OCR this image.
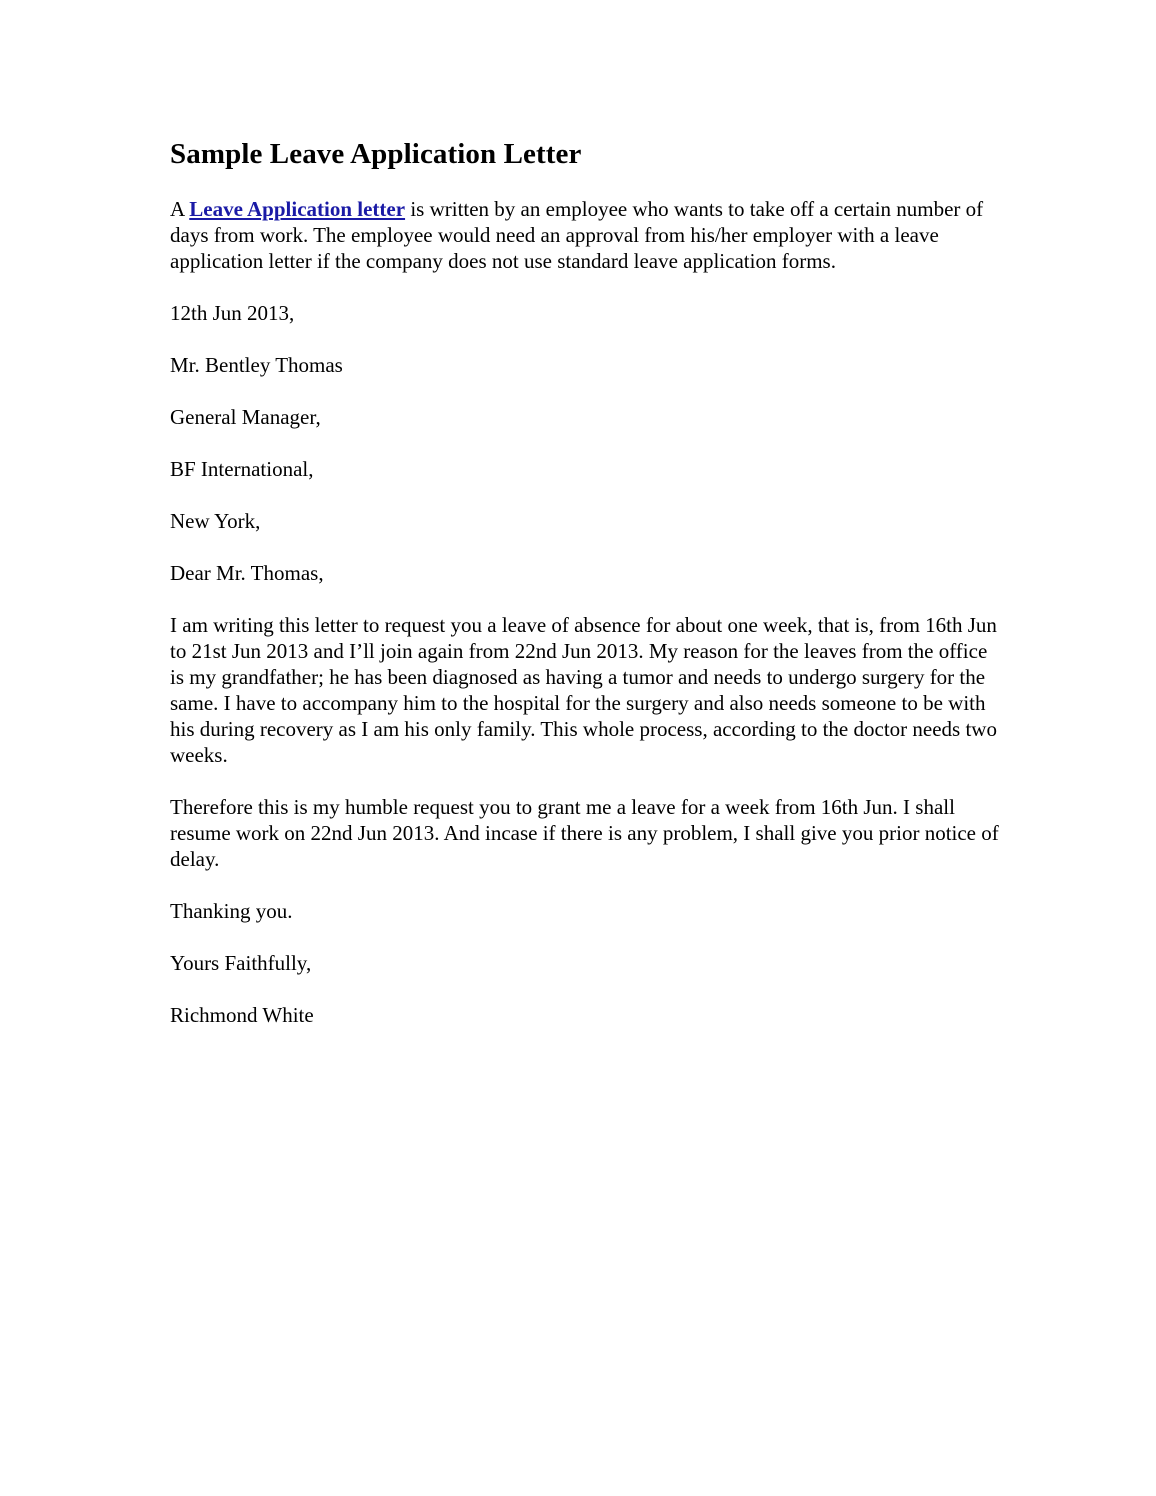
Sample Leave Application Letter

A Leave Application letter is written by an employee who wants to take off a certain number of days from work. The employee would need an approval from his/her employer with a leave application letter if the company does not use standard leave application forms.

12th Jun 2013,

Mr. Bentley Thomas

General Manager,

BF International,

New York,

Dear Mr. Thomas,

I am writing this letter to request you a leave of absence for about one week, that is, from 16th Jun to 21st Jun 2013 and I’ll join again from 22nd Jun 2013. My reason for the leaves from the office is my grandfather; he has been diagnosed as having a tumor and needs to undergo surgery for the same. I have to accompany him to the hospital for the surgery and also needs someone to be with his during recovery as I am his only family. This whole process, according to the doctor needs two weeks.

Therefore this is my humble request you to grant me a leave for a week from 16th Jun. I shall resume work on 22nd Jun 2013. And incase if there is any problem, I shall give you prior notice of delay.

Thanking you.

Yours Faithfully,

Richmond White
